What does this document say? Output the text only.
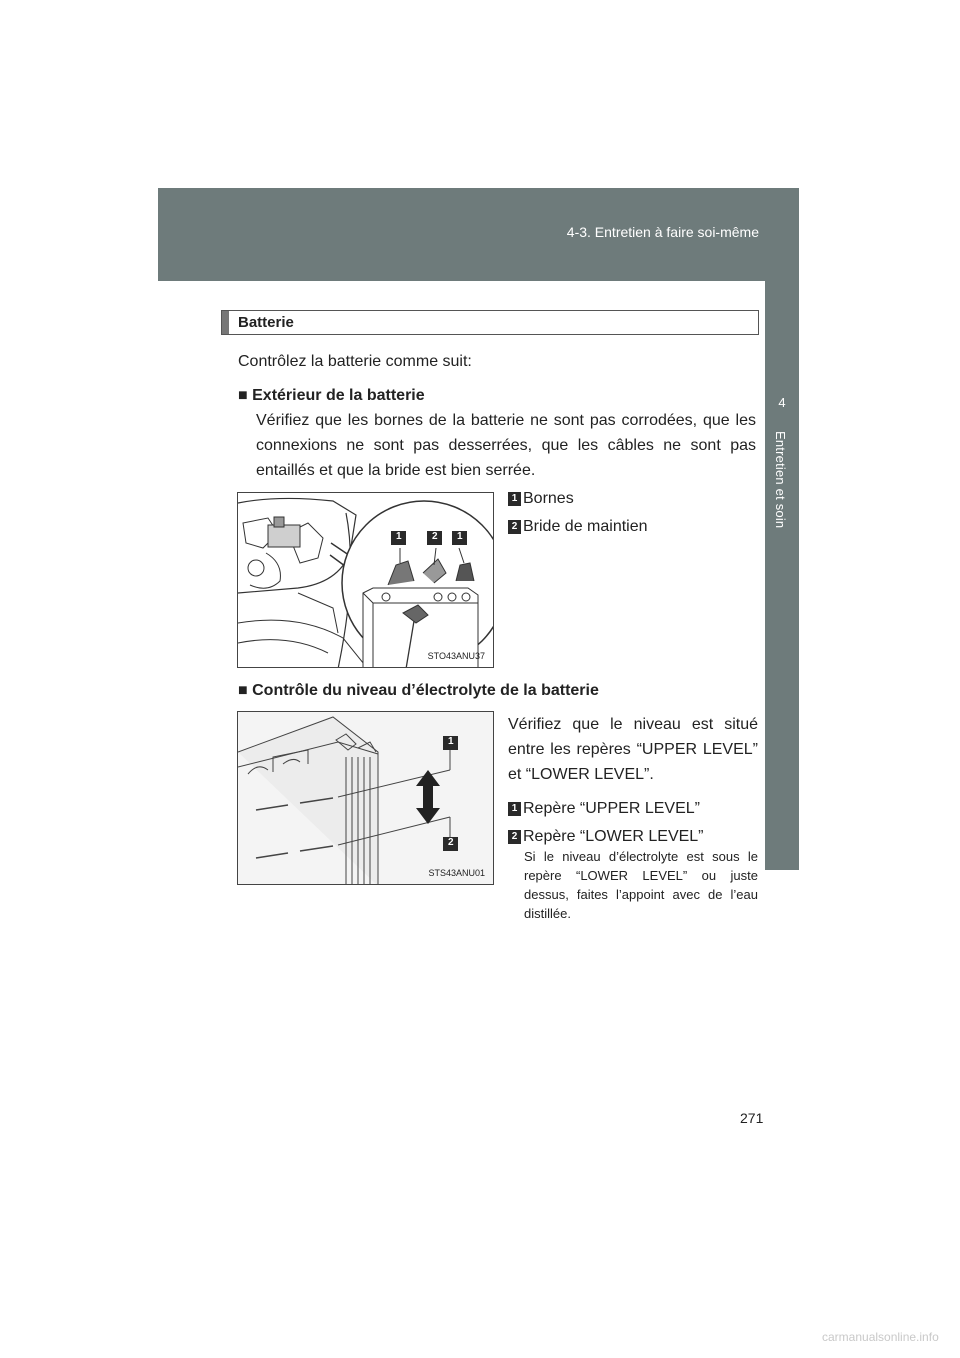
4-3. Entretien à faire soi-même
4
Entretien et soin
Batterie
Contrôlez la batterie comme suit:
■ Extérieur de la batterie
Vérifiez que les bornes de la batterie ne sont pas corrodées, que les connexions ne sont pas desserrées, que les câbles ne sont pas entaillés et que la bride est bien serrée.
1	2 1
STO43ANU37
1 Bornes
2 Bride de maintien
■ Contrôle du niveau d’électrolyte de la batterie
1
2
STS43ANU01
Vérifiez que le niveau est situé entre les repères “UPPER LEVEL” et “LOWER LEVEL”.
1 Repère “UPPER LEVEL”
2 Repère “LOWER LEVEL”
Si le niveau d’électrolyte est sous le repère “LOWER LEVEL” ou juste dessus, faites l’appoint avec de l’eau distillée.
271
carmanualsonline.info
